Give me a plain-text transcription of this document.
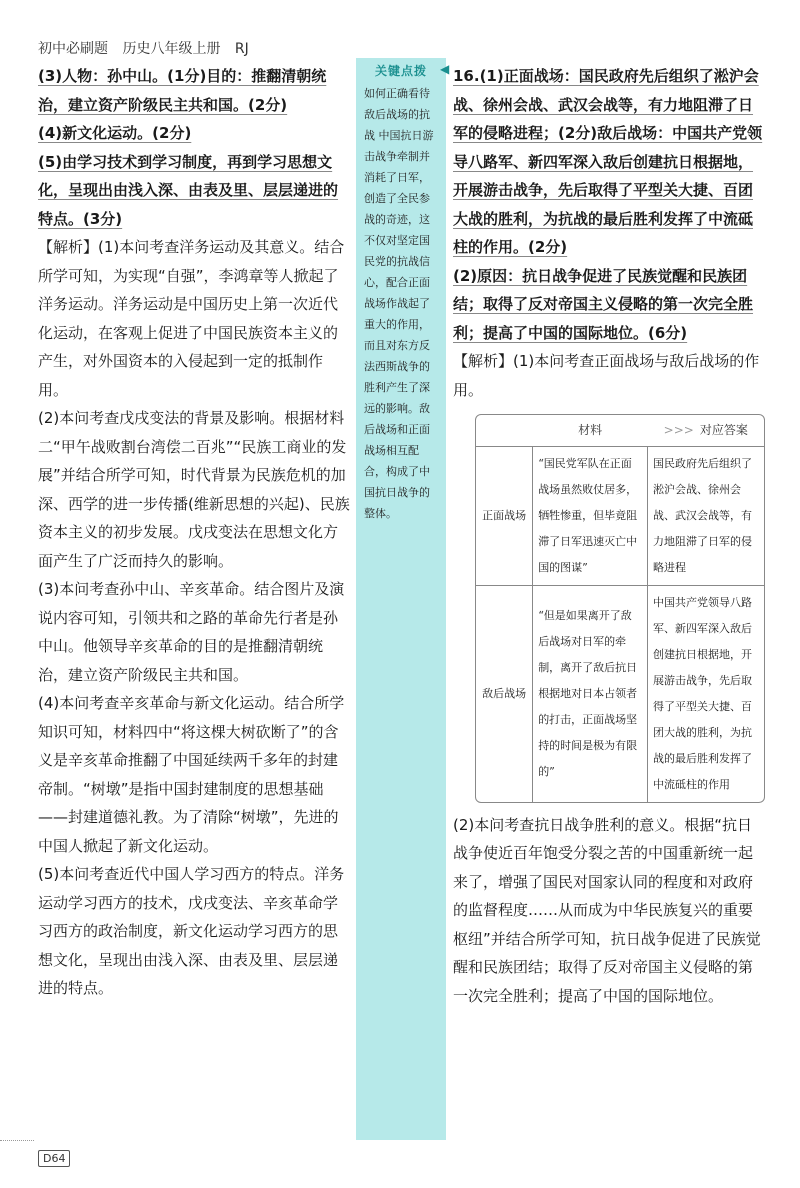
初中必刷题 历史八年级上册 RJ

(3)人物：孙中山。(1分)目的：推翻清朝统治，建立资产阶级民主共和国。(2分)

(4)新文化运动。(2分)

(5)由学习技术到学习制度，再到学习思想文化，呈现出由浅入深、由表及里、层层递进的特点。(3分)

【解析】(1)本问考查洋务运动及其意义。结合所学可知，为实现“自强”，李鸿章等人掀起了洋务运动。洋务运动是中国历史上第一次近代化运动，在客观上促进了中国民族资本主义的产生，对外国资本的入侵起到一定的抵制作用。

(2)本问考查戊戌变法的背景及影响。根据材料二“甲午战败割台湾偿二百兆”“民族工商业的发展”并结合所学可知，时代背景为民族危机的加深、西学的进一步传播(维新思想的兴起)、民族资本主义的初步发展。戊戌变法在思想文化方面产生了广泛而持久的影响。

(3)本问考查孙中山、辛亥革命。结合图片及演说内容可知，引领共和之路的革命先行者是孙中山。他领导辛亥革命的目的是推翻清朝统治，建立资产阶级民主共和国。

(4)本问考查辛亥革命与新文化运动。结合所学知识可知，材料四中“将这棵大树砍断了”的含义是辛亥革命推翻了中国延续两千多年的封建帝制。“树墩”是指中国封建制度的思想基础——封建道德礼教。为了清除“树墩”，先进的中国人掀起了新文化运动。

(5)本问考查近代中国人学习西方的特点。洋务运动学习西方的技术，戊戌变法、辛亥革命学习西方的政治制度，新文化运动学习西方的思想文化，呈现出由浅入深、由表及里、层层递进的特点。

关键点拨
如何正确看待敌后战场的抗战 中国抗日游击战争牵制并消耗了日军，创造了全民参战的奇迹，这不仅对坚定国民党的抗战信心，配合正面战场作战起了重大的作用，而且对东方反法西斯战争的胜利产生了深远的影响。敌后战场和正面战场相互配合，构成了中国抗日战争的整体。
◀ 16.(1)正面战场：国民政府先后组织了淞沪会战、徐州会战、武汉会战等，有力地阻滞了日军的侵略进程；(2分)敌后战场：中国共产党领导八路军、新四军深入敌后创建抗日根据地，开展游击战争，先后取得了平型关大捷、百团大战的胜利，为抗战的最后胜利发挥了中流砥柱的作用。(2分)

(2)原因：抗日战争促进了民族觉醒和民族团结；取得了反对帝国主义侵略的第一次完全胜利；提高了中国的国际地位。(6分)

【解析】(1)本问考查正面战场与敌后战场的作用。

	材料	>>> 对应答案
正面战场	“国民党军队在正面战场虽然败仗居多，牺牲惨重，但毕竟阻滞了日军迅速灭亡中国的图谋”	国民政府先后组织了淞沪会战、徐州会战、武汉会战等，有力地阻滞了日军的侵略进程
敌后战场	“但是如果离开了敌后战场对日军的牵制，离开了敌后抗日根据地对日本占领者的打击，正面战场坚持的时间是极为有限的”	中国共产党领导八路军、新四军深入敌后创建抗日根据地，开展游击战争，先后取得了平型关大捷、百团大战的胜利，为抗战的最后胜利发挥了中流砥柱的作用

(2)本问考查抗日战争胜利的意义。根据“抗日战争使近百年饱受分裂之苦的中国重新统一起来了，增强了国民对国家认同的程度和对政府的监督程度……从而成为中华民族复兴的重要枢纽”并结合所学可知，抗日战争促进了民族觉醒和民族团结；取得了反对帝国主义侵略的第一次完全胜利；提高了中国的国际地位。

D64
